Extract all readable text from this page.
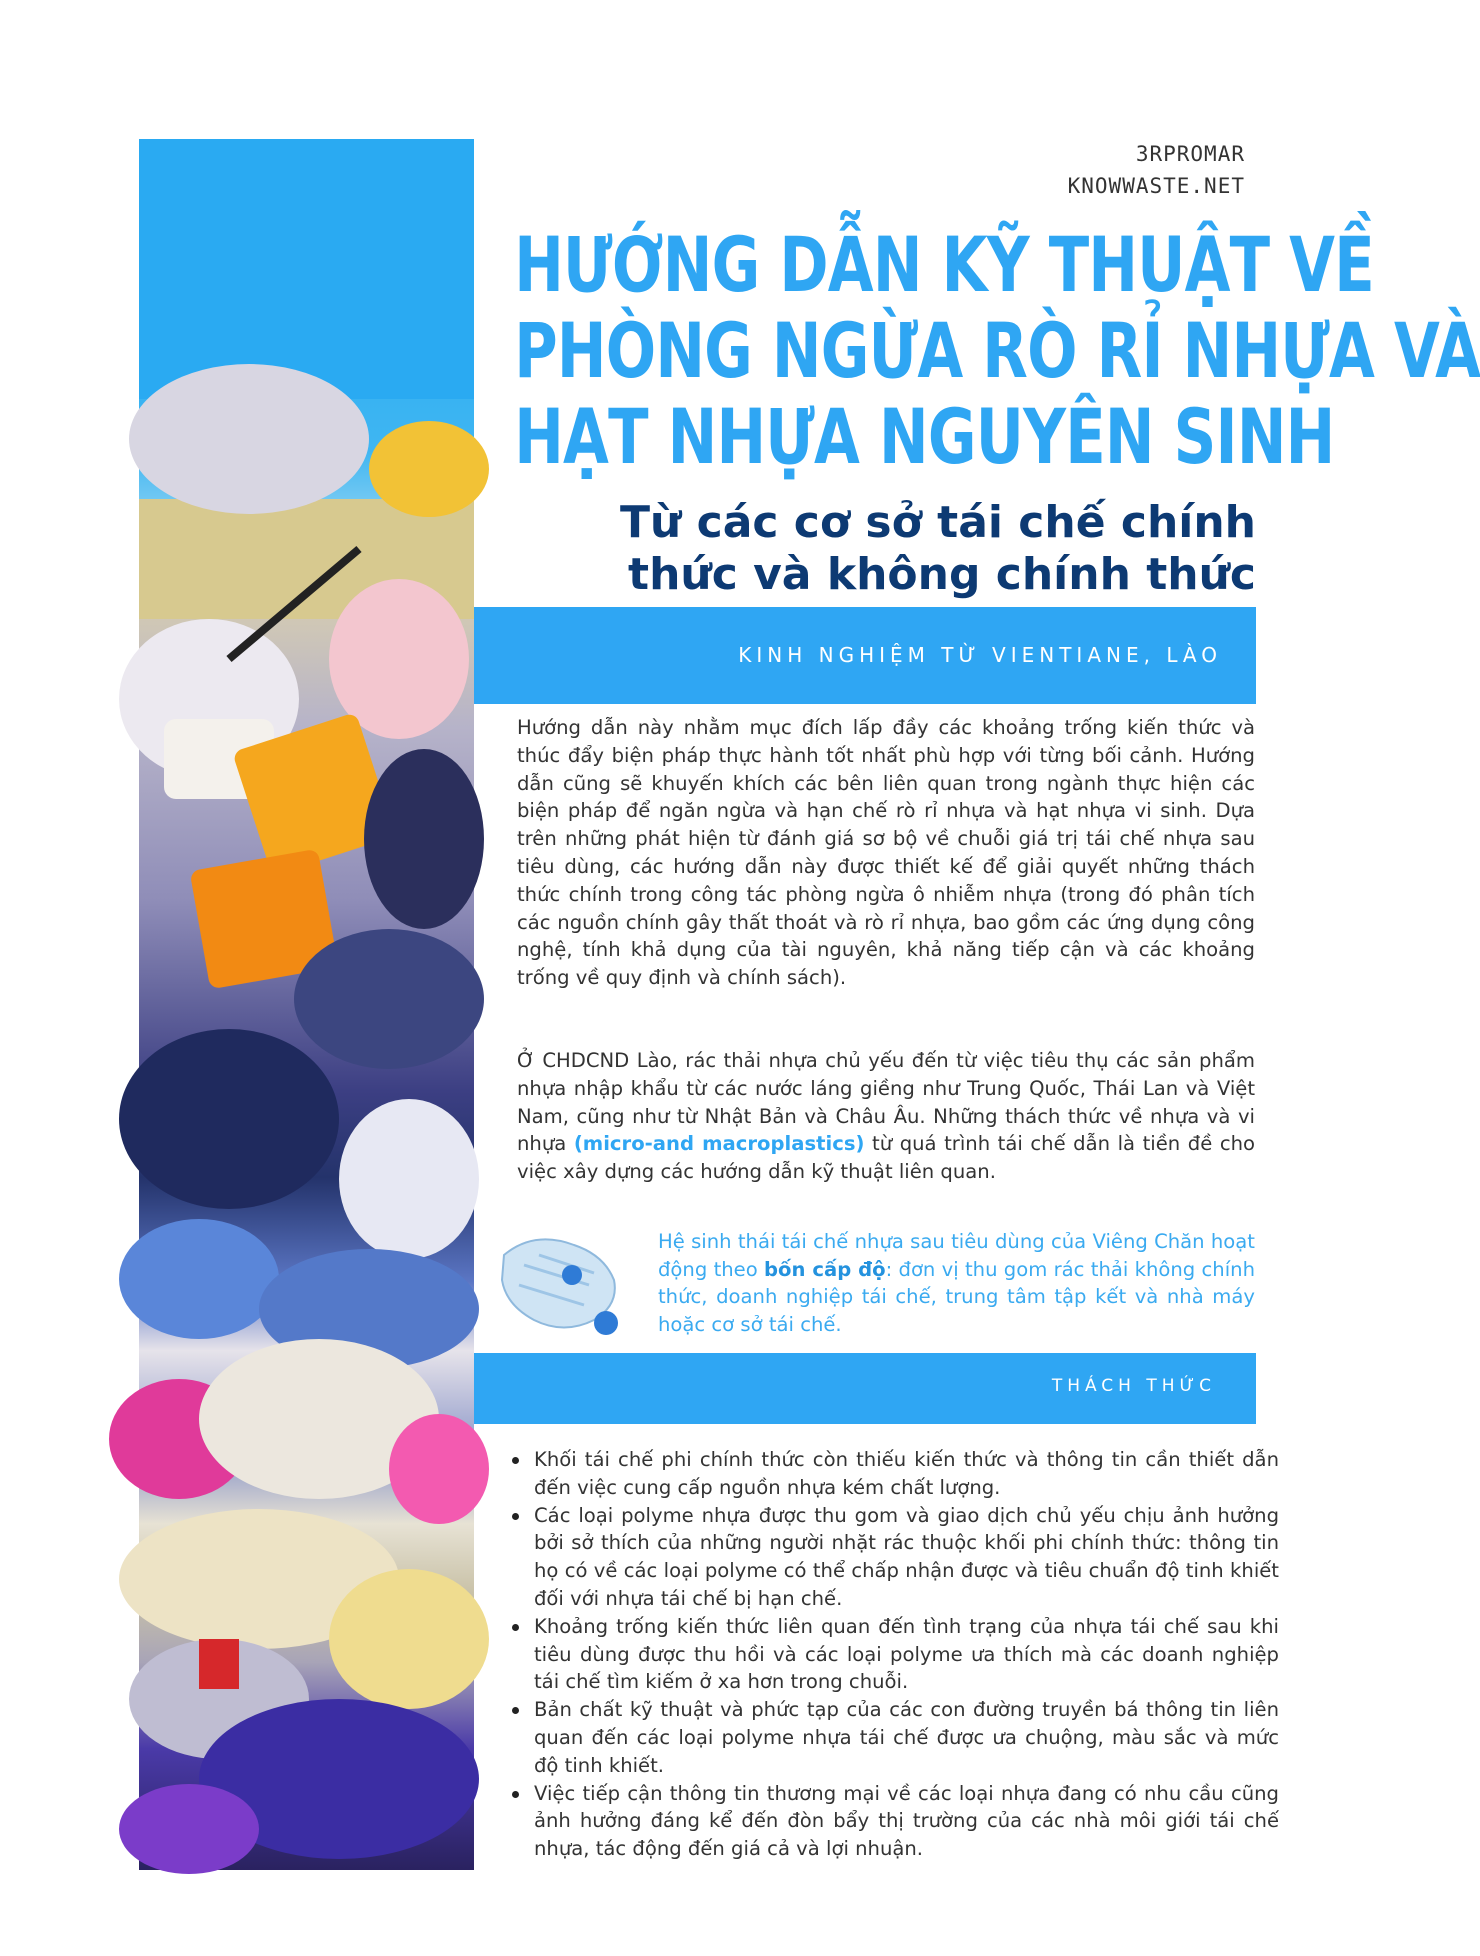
3RPROMAR
KNOWWASTE.NET
HƯỚNG DẪN KỸ THUẬT VỀ
PHÒNG NGỪA RÒ RỈ NHỰA VÀ
HẠT NHỰA NGUYÊN SINH
Từ các cơ sở tái chế chính
thức và không chính thức
KINH NGHIỆM TỪ VIENTIANE, LÀO
Hướng dẫn này nhằm mục đích lấp đầy các khoảng trống kiến thức và thúc đẩy biện pháp thực hành tốt nhất phù hợp với từng bối cảnh. Hướng dẫn cũng sẽ khuyến khích các bên liên quan trong ngành thực hiện các biện pháp để ngăn ngừa và hạn chế rò rỉ nhựa và hạt nhựa vi sinh. Dựa trên những phát hiện từ đánh giá sơ bộ về chuỗi giá trị tái chế nhựa sau tiêu dùng, các hướng dẫn này được thiết kế để giải quyết những thách thức chính trong công tác phòng ngừa ô nhiễm nhựa (trong đó phân tích các nguồn chính gây thất thoát và rò rỉ nhựa, bao gồm các ứng dụng công nghệ, tính khả dụng của tài nguyên, khả năng tiếp cận và các khoảng trống về quy định và chính sách).
Ở CHDCND Lào, rác thải nhựa chủ yếu đến từ việc tiêu thụ các sản phẩm nhựa nhập khẩu từ các nước láng giềng như Trung Quốc, Thái Lan và Việt Nam, cũng như từ Nhật Bản và Châu Âu. Những thách thức về nhựa và vi nhựa (micro-and macroplastics) từ quá trình tái chế dẫn là tiền đề cho việc xây dựng các hướng dẫn kỹ thuật liên quan.
Hệ sinh thái tái chế nhựa sau tiêu dùng của Viêng Chăn hoạt động theo bốn cấp độ: đơn vị thu gom rác thải không chính thức, doanh nghiệp tái chế, trung tâm tập kết và nhà máy hoặc cơ sở tái chế.
THÁCH THỨC
Khối tái chế phi chính thức còn thiếu kiến thức và thông tin cần thiết dẫn đến việc cung cấp nguồn nhựa kém chất lượng.
Các loại polyme nhựa được thu gom và giao dịch chủ yếu chịu ảnh hưởng bởi sở thích của những người nhặt rác thuộc khối phi chính thức: thông tin họ có về các loại polyme có thể chấp nhận được và tiêu chuẩn độ tinh khiết đối với nhựa tái chế bị hạn chế.
Khoảng trống kiến thức liên quan đến tình trạng của nhựa tái chế sau khi tiêu dùng được thu hồi và các loại polyme ưa thích mà các doanh nghiệp tái chế tìm kiếm ở xa hơn trong chuỗi.
Bản chất kỹ thuật và phức tạp của các con đường truyền bá thông tin liên quan đến các loại polyme nhựa tái chế được ưa chuộng, màu sắc và mức độ tinh khiết.
Việc tiếp cận thông tin thương mại về các loại nhựa đang có nhu cầu cũng ảnh hưởng đáng kể đến đòn bẩy thị trường của các nhà môi giới tái chế nhựa, tác động đến giá cả và lợi nhuận.
